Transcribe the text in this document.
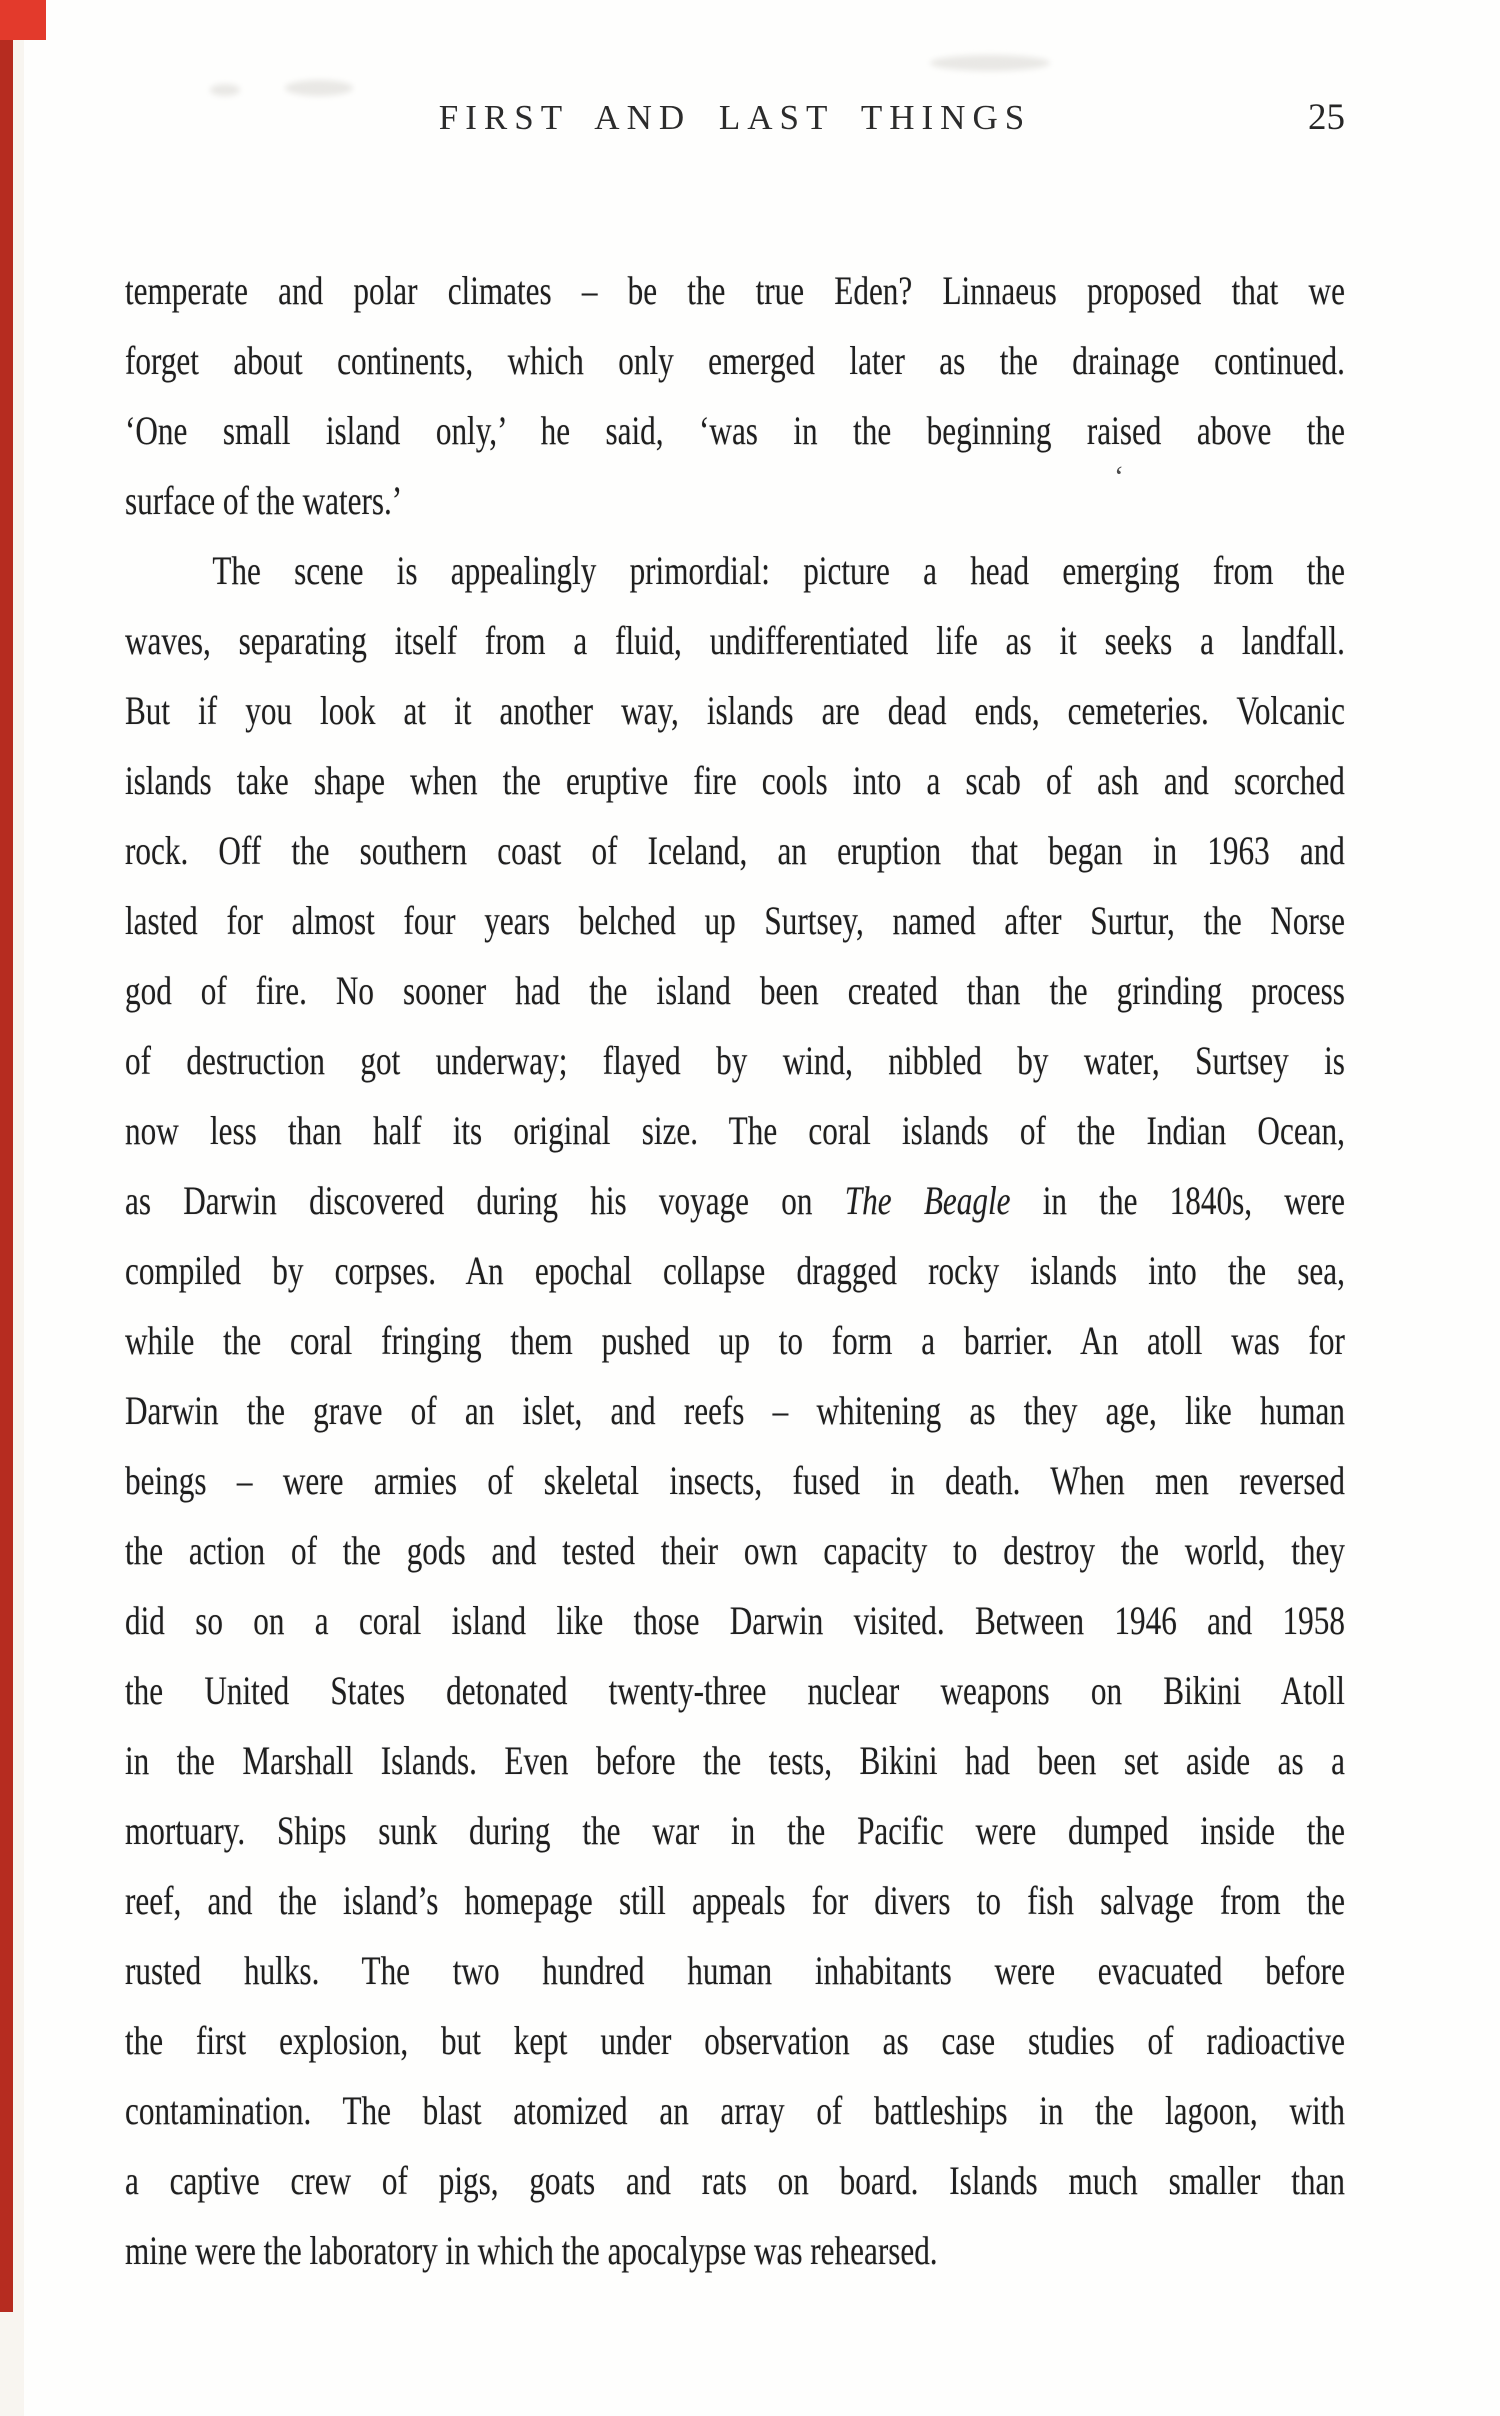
FIRST AND LAST THINGS	25
temperate and polar climates – be the true Eden? Linnaeus proposed that we
forget about continents, which only emerged later as the drainage continued.
‘One small island only,’ he said, ‘was in the beginning raised above the
surface of the waters.’
The scene is appealingly primordial: picture a head emerging from the
waves, separating itself from a fluid, undifferentiated life as it seeks a landfall.
But if you look at it another way, islands are dead ends, cemeteries. Volcanic
islands take shape when the eruptive fire cools into a scab of ash and scorched
rock. Off the southern coast of Iceland, an eruption that began in 1963 and
lasted for almost four years belched up Surtsey, named after Surtur, the Norse
god of fire. No sooner had the island been created than the grinding process
of destruction got underway; flayed by wind, nibbled by water, Surtsey is
now less than half its original size. The coral islands of the Indian Ocean,
as Darwin discovered during his voyage on The Beagle in the 1840s, were
compiled by corpses. An epochal collapse dragged rocky islands into the sea,
while the coral fringing them pushed up to form a barrier. An atoll was for
Darwin the grave of an islet, and reefs – whitening as they age, like human
beings – were armies of skeletal insects, fused in death. When men reversed
the action of the gods and tested their own capacity to destroy the world, they
did so on a coral island like those Darwin visited. Between 1946 and 1958
the United States detonated twenty-three nuclear weapons on Bikini Atoll
in the Marshall Islands. Even before the tests, Bikini had been set aside as a
mortuary. Ships sunk during the war in the Pacific were dumped inside the
reef, and the island’s homepage still appeals for divers to fish salvage from the
rusted hulks. The two hundred human inhabitants were evacuated before
the first explosion, but kept under observation as case studies of radioactive
contamination. The blast atomized an array of battleships in the lagoon, with
a captive crew of pigs, goats and rats on board. Islands much smaller than
mine were the laboratory in which the apocalypse was rehearsed.
‘
